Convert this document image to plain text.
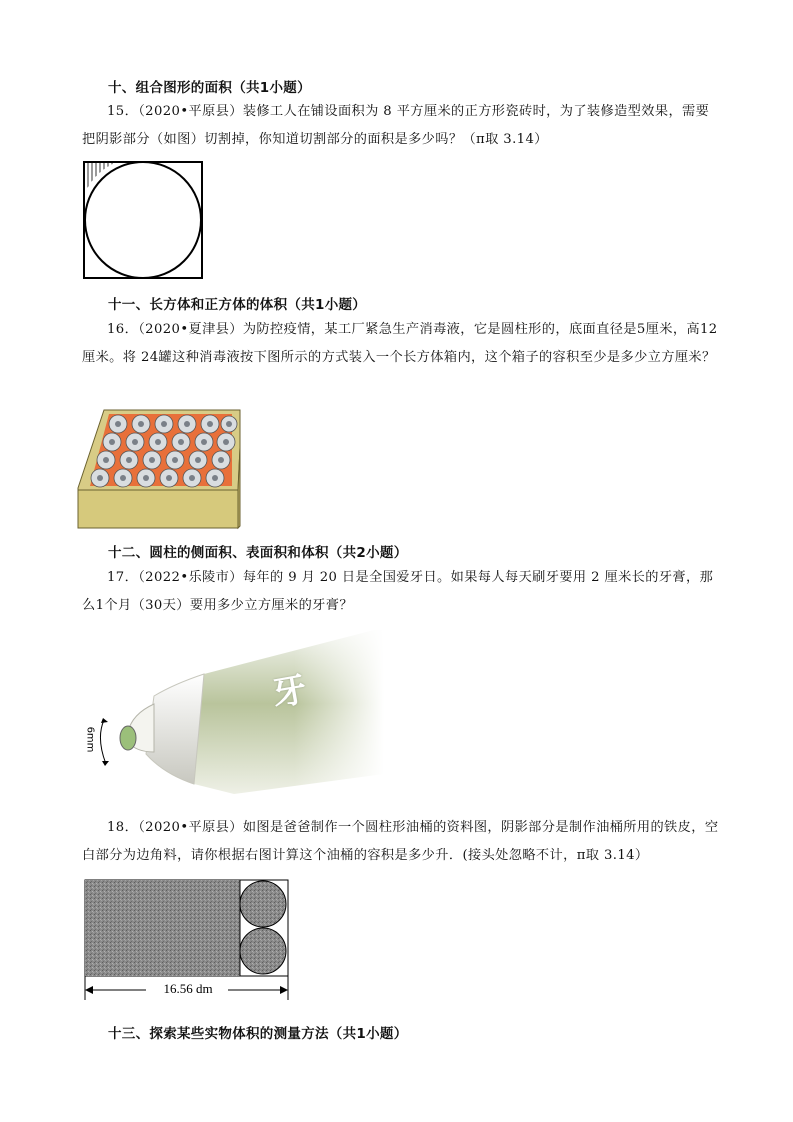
十、组合图形的面积（共1小题）
15．（2020•平原县）装修工人在铺设面积为 8 平方厘米的正方形瓷砖时，为了装修造型效果，需要把阴影部分（如图）切割掉，你知道切割部分的面积是多少吗？（π取 3.14）
十一、长方体和正方体的体积（共1小题）
16．（2020•夏津县）为防控疫情，某工厂紧急生产消毒液，它是圆柱形的，底面直径是5厘米，高12厘米。将 24罐这种消毒液按下图所示的方式装入一个长方体箱内，这个箱子的容积至少是多少立方厘米？
十二、圆柱的侧面积、表面积和体积（共2小题）
17．（2022•乐陵市）每年的 9 月 20 日是全国爱牙日。如果每人每天刷牙要用 2 厘米长的牙膏，那么1个月（30天）要用多少立方厘米的牙膏？
牙
6mm
18．（2020•平原县）如图是爸爸制作一个圆柱形油桶的资料图，阴影部分是制作油桶所用的铁皮，空白部分为边角料，请你根据右图计算这个油桶的容积是多少升．(接头处忽略不计，π取 3.14）
16.56 dm
十三、探索某些实物体积的测量方法（共1小题）
